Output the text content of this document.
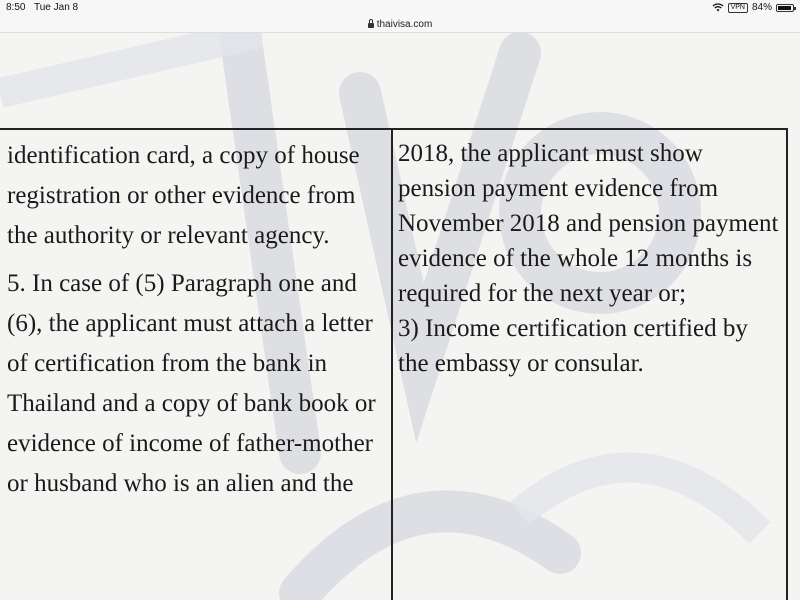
8:50 Tue Jan 8	VPN 84%
thaivisa.com

identification card, a copy of house registration or other evidence from the authority or relevant agency.

5. In case of (5) Paragraph one and (6), the applicant must attach a letter of certification from the bank in Thailand and a copy of bank book or evidence of income of father-mother or husband who is an alien and the

2018, the applicant must show pension payment evidence from November 2018 and pension payment evidence of the whole 12 months is required for the next year or;

3) Income certification certified by the embassy or consular.
